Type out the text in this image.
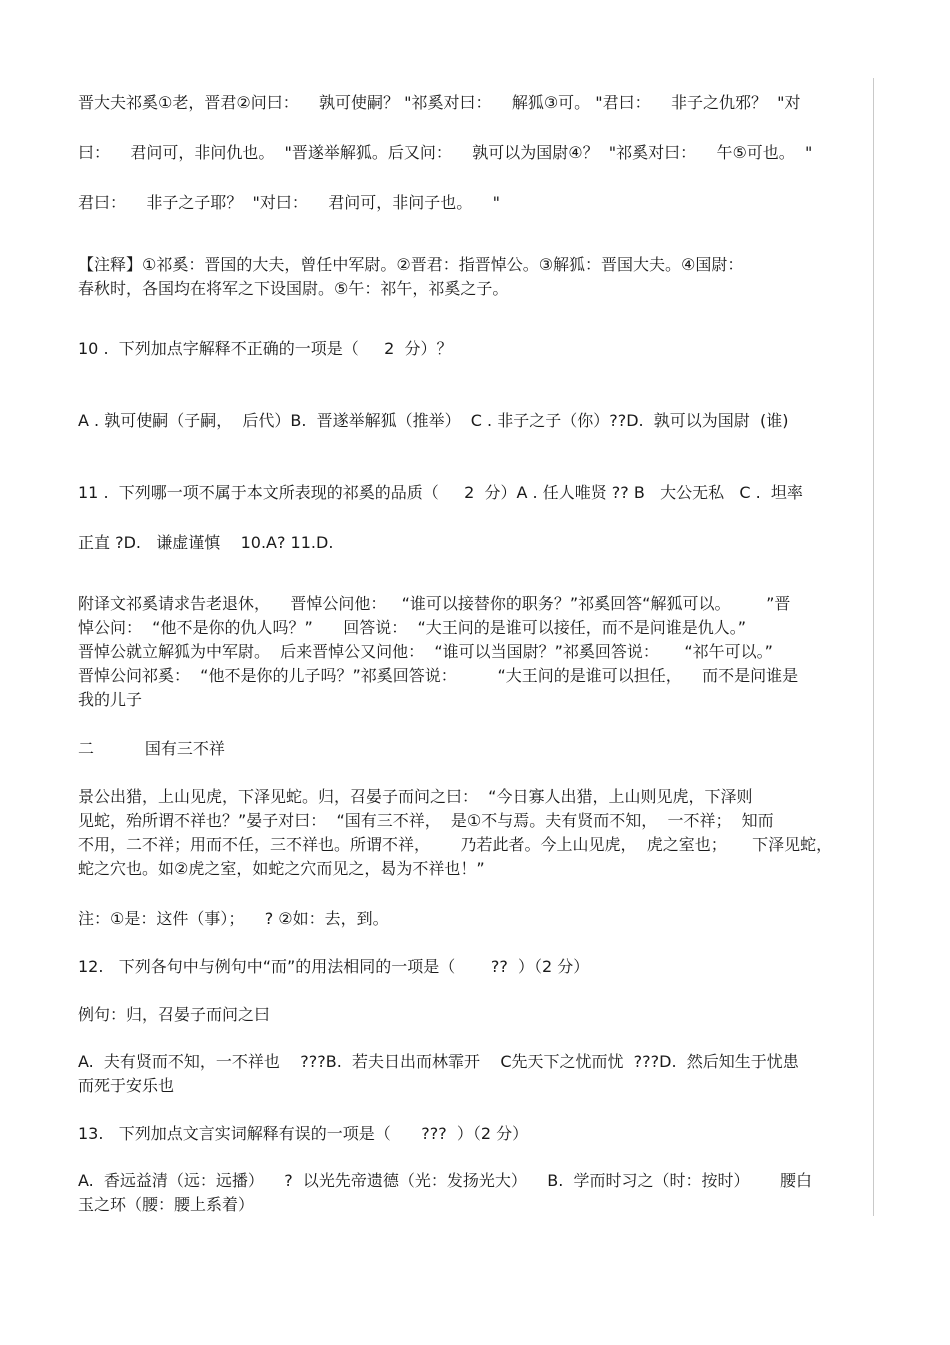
晋大夫祁奚①老，晋君②问曰：    孰可使嗣？ "祁奚对曰：    解狐③可。 "君曰：    非子之仇邪？  "对
曰：    君问可，非问仇也。  "晋遂举解狐。后又问：    孰可以为国尉④？  "祁奚对曰：    午⑤可也。  "
君曰：    非子之子耶？  "对曰：    君问可，非问子也。    "
【注释】①祁奚：晋国的大夫，曾任中军尉。②晋君：指晋悼公。③解狐：晋国大夫。④国尉：
春秋时，各国均在将军之下设国尉。⑤午：祁午，祁奚之子。
10 .  下列加点字解释不正确的一项是（     2  分）？
A . 孰可使嗣（子嗣，  后代）B.  晋遂举解狐（推举）  C . 非子之子（你）??D.  孰可以为国尉  (谁)
11 .  下列哪一项不属于本文所表现的祁奚的品质（     2  分）A . 任人唯贤 ?? B   大公无私   C .  坦率
正直 ?D.   谦虚谨慎    10.A? 11.D.
附译文祁奚请求告老退休，    晋悼公问他：   “谁可以接替你的职务？”祁奚回答“解狐可以。       ”晋
悼公问：  “他不是你的仇人吗？”      回答说：  “大王问的是谁可以接任，而不是问谁是仇人。”
晋悼公就立解狐为中军尉。  后来晋悼公又问他：  “谁可以当国尉？”祁奚回答说：     “祁午可以。”
晋悼公问祁奚：  “他不是你的儿子吗？”祁奚回答说：        “大王问的是谁可以担任，    而不是问谁是
我的儿子
二          国有三不祥
景公出猎，上山见虎，下泽见蛇。归，召晏子而问之曰：  “今日寡人出猎，上山则见虎，下泽则
见蛇，殆所谓不祥也？”晏子对曰：  “国有三不祥，  是①不与焉。夫有贤而不知，  一不祥；  知而
不用，二不祥；用而不任，三不祥也。所谓不祥，      乃若此者。今上山见虎，  虎之室也；     下泽见蛇，
蛇之穴也。如②虎之室，如蛇之穴而见之，曷为不祥也！”
注：①是：这件（事）；    ? ②如：去，到。
12.   下列各句中与例句中“而”的用法相同的一项是（       ??  ）（2 分）
例句：归，召晏子而问之曰
A.  夫有贤而不知，一不祥也    ???B.  若夫日出而林霏开    C先天下之忧而忧  ???D.  然后知生于忧患
而死于安乐也
13.   下列加点文言实词解释有误的一项是（      ???  ）（2 分）
A.  香远益清（远：远播）    ?  以光先帝遗德（光：发扬光大）    B.  学而时习之（时：按时）      腰白
玉之环（腰：腰上系着）
